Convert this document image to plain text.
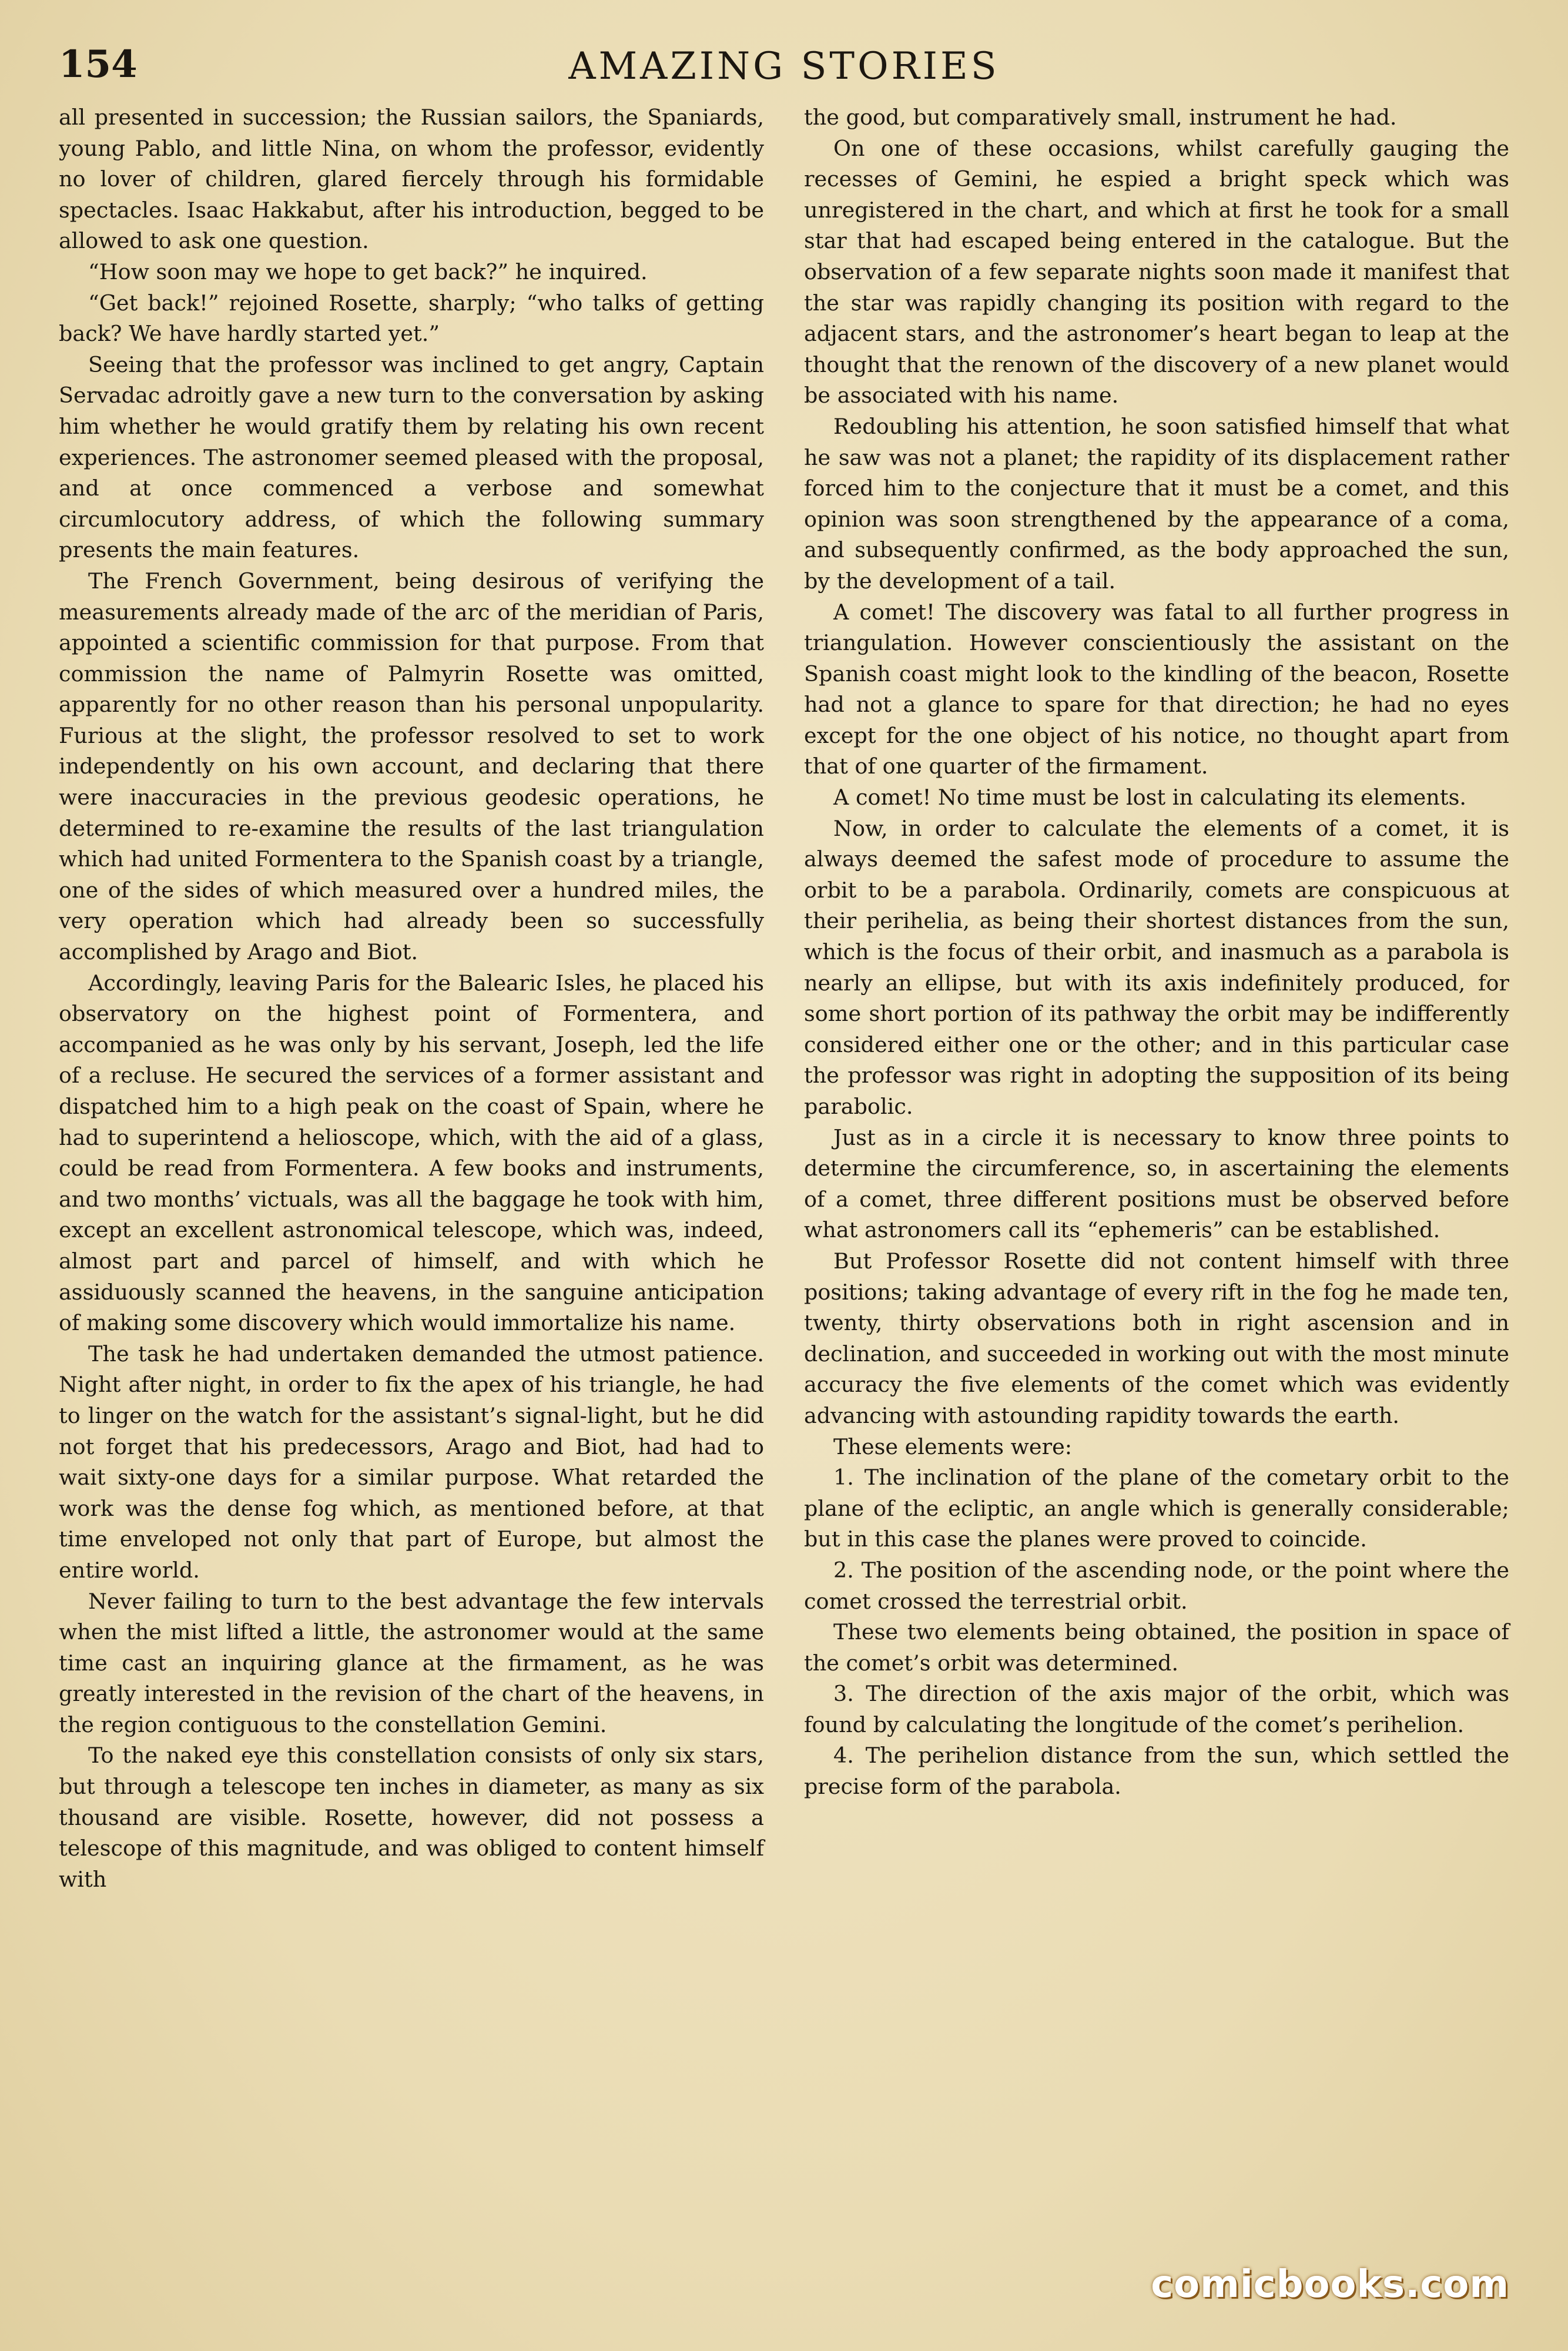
154	AMAZING STORIES

all presented in succession; the Russian sailors, the Spaniards, young Pablo, and little Nina, on whom the professor, evidently no lover of children, glared fiercely through his formidable spectacles. Isaac Hakkabut, after his introduction, begged to be allowed to ask one question.

“How soon may we hope to get back?” he inquired.

“Get back!” rejoined Rosette, sharply; “who talks of getting back? We have hardly started yet.”

Seeing that the professor was inclined to get angry, Captain Servadac adroitly gave a new turn to the conversation by asking him whether he would gratify them by relating his own recent experiences. The astronomer seemed pleased with the proposal, and at once commenced a verbose and somewhat circumlocutory address, of which the following summary presents the main features.

The French Government, being desirous of verifying the measurements already made of the arc of the meridian of Paris, appointed a scientific commission for that purpose. From that commission the name of Palmyrin Rosette was omitted, apparently for no other reason than his personal unpopularity. Furious at the slight, the professor resolved to set to work independently on his own account, and declaring that there were inaccuracies in the previous geodesic operations, he determined to re-examine the results of the last triangulation which had united Formentera to the Spanish coast by a triangle, one of the sides of which measured over a hundred miles, the very operation which had already been so successfully accomplished by Arago and Biot.

Accordingly, leaving Paris for the Balearic Isles, he placed his observatory on the highest point of Formentera, and accompanied as he was only by his servant, Joseph, led the life of a recluse. He secured the services of a former assistant and dispatched him to a high peak on the coast of Spain, where he had to superintend a helioscope, which, with the aid of a glass, could be read from Formentera. A few books and instruments, and two months’ victuals, was all the baggage he took with him, except an excellent astronomical telescope, which was, indeed, almost part and parcel of himself, and with which he assiduously scanned the heavens, in the sanguine anticipation of making some discovery which would immortalize his name.

The task he had undertaken demanded the utmost patience. Night after night, in order to fix the apex of his triangle, he had to linger on the watch for the assistant’s signal-light, but he did not forget that his predecessors, Arago and Biot, had had to wait sixty-one days for a similar purpose. What retarded the work was the dense fog which, as mentioned before, at that time enveloped not only that part of Europe, but almost the entire world.

Never failing to turn to the best advantage the few intervals when the mist lifted a little, the astronomer would at the same time cast an inquiring glance at the firmament, as he was greatly interested in the revision of the chart of the heavens, in the region contiguous to the constellation Gemini.

To the naked eye this constellation consists of only six stars, but through a telescope ten inches in diameter, as many as six thousand are visible. Rosette, however, did not possess a telescope of this magnitude, and was obliged to content himself with

the good, but comparatively small, instrument he had.

On one of these occasions, whilst carefully gauging the recesses of Gemini, he espied a bright speck which was unregistered in the chart, and which at first he took for a small star that had escaped being entered in the catalogue. But the observation of a few separate nights soon made it manifest that the star was rapidly changing its position with regard to the adjacent stars, and the astronomer’s heart began to leap at the thought that the renown of the discovery of a new planet would be associated with his name.

Redoubling his attention, he soon satisfied himself that what he saw was not a planet; the rapidity of its displacement rather forced him to the conjecture that it must be a comet, and this opinion was soon strengthened by the appearance of a coma, and subsequently confirmed, as the body approached the sun, by the development of a tail.

A comet! The discovery was fatal to all further progress in triangulation. However conscientiously the assistant on the Spanish coast might look to the kindling of the beacon, Rosette had not a glance to spare for that direction; he had no eyes except for the one object of his notice, no thought apart from that of one quarter of the firmament.

A comet! No time must be lost in calculating its elements.

Now, in order to calculate the elements of a comet, it is always deemed the safest mode of procedure to assume the orbit to be a parabola. Ordinarily, comets are conspicuous at their perihelia, as being their shortest distances from the sun, which is the focus of their orbit, and inasmuch as a parabola is nearly an ellipse, but with its axis indefinitely produced, for some short portion of its pathway the orbit may be indifferently considered either one or the other; and in this particular case the professor was right in adopting the supposition of its being parabolic.

Just as in a circle it is necessary to know three points to determine the circumference, so, in ascertaining the elements of a comet, three different positions must be observed before what astronomers call its “ephemeris” can be established.

But Professor Rosette did not content himself with three positions; taking advantage of every rift in the fog he made ten, twenty, thirty observations both in right ascension and in declination, and succeeded in working out with the most minute accuracy the five elements of the comet which was evidently advancing with astounding rapidity towards the earth.

These elements were:

1. The inclination of the plane of the cometary orbit to the plane of the ecliptic, an angle which is generally considerable; but in this case the planes were proved to coincide.

2. The position of the ascending node, or the point where the comet crossed the terrestrial orbit.

These two elements being obtained, the position in space of the comet’s orbit was determined.

3. The direction of the axis major of the orbit, which was found by calculating the longitude of the comet’s perihelion.

4. The perihelion distance from the sun, which settled the precise form of the parabola.

comicbooks.com
